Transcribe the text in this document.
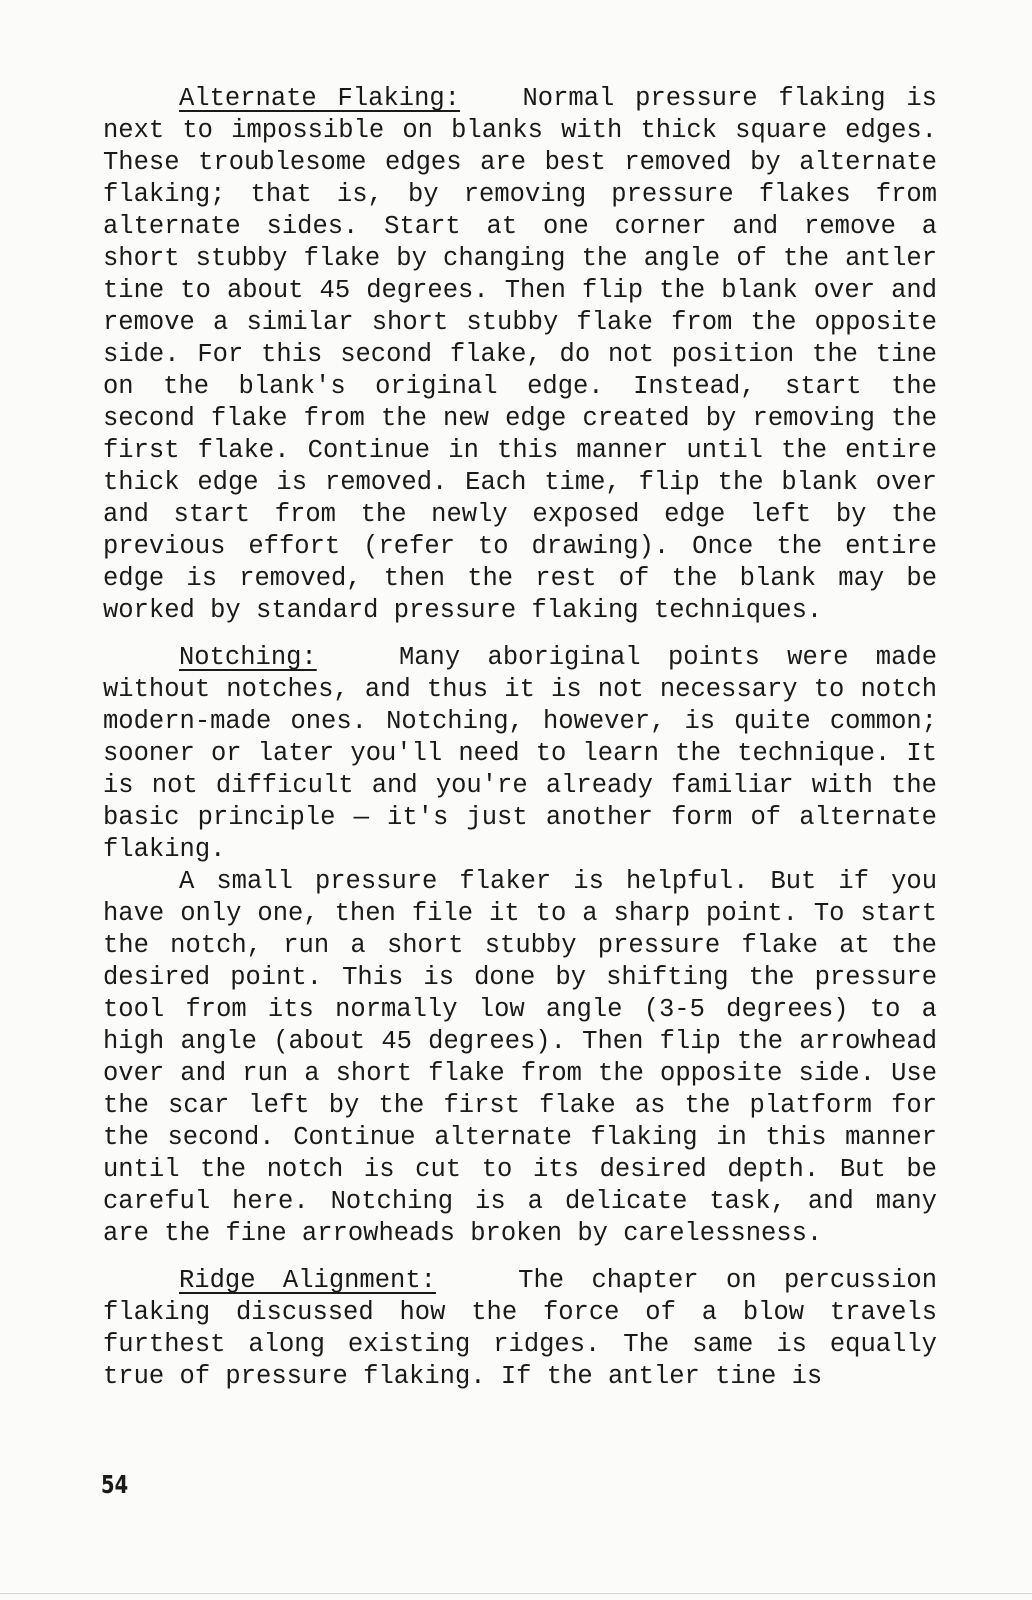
Alternate Flaking: Normal pressure flaking is next to impossible on blanks with thick square edges. These troublesome edges are best removed by alternate flaking; that is, by removing pressure flakes from alternate sides. Start at one corner and remove a short stubby flake by changing the angle of the antler tine to about 45 degrees. Then flip the blank over and remove a similar short stubby flake from the opposite side. For this second flake, do not position the tine on the blank's original edge. Instead, start the second flake from the new edge created by removing the first flake. Continue in this manner until the entire thick edge is removed. Each time, flip the blank over and start from the newly exposed edge left by the previous effort (refer to drawing). Once the entire edge is removed, then the rest of the blank may be worked by standard pressure flaking techniques.

Notching:	Many aboriginal points were made without notches, and thus it is not necessary to notch modern-made ones. Notching, however, is quite common; sooner or later you'll need to learn the technique. It is not difficult and you're already familiar with the basic principle — it's just another form of alternate flaking.

A small pressure flaker is helpful. But if you have only one, then file it to a sharp point. To start the notch, run a short stubby pressure flake at the desired point. This is done by shifting the pressure tool from its normally low angle (3-5 degrees) to a high angle (about 45 degrees). Then flip the arrowhead over and run a short flake from the opposite side. Use the scar left by the first flake as the platform for the second. Continue alternate flaking in this manner until the notch is cut to its desired depth. But be careful here. Notching is a delicate task, and many are the fine arrowheads broken by carelessness.

Ridge Alignment:	The chapter on percussion flaking discussed how the force of a blow travels furthest along existing ridges. The same is equally true of pressure flaking. If the antler tine is

54
